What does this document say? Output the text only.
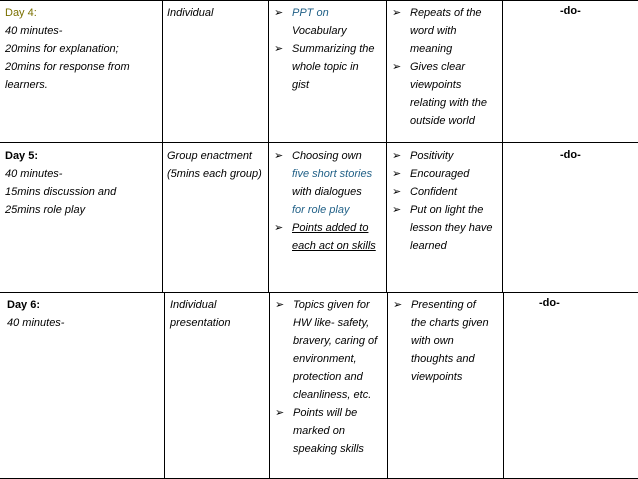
Day 4:
40 minutes-
20mins for explanation;
20mins for response from
learners.
Individual	➢ PPT on
Vocabulary
➢ Summarizing the
whole topic in
gist
➢ Repeats of the
word with
meaning
➢ Gives clear
viewpoints
relating with the
outside world
-do-
Day 5:
40 minutes-
15mins discussion and
25mins role play
Group enactment
(5mins each group)
➢ Choosing own
five short stories
with dialogues
for role play
➢ Points added to
each act on skills
➢ Positivity
➢ Encouraged
➢ Confident
➢ Put on light the
lesson they have
learned
-do-
Day 6:
40 minutes-
Individual
presentation
➢ Topics given for
HW like- safety,
bravery, caring of
environment,
protection and
cleanliness, etc.
➢ Points will be
marked on
speaking skills
➢ Presenting of
the charts given
with own
thoughts and
viewpoints
-do-
